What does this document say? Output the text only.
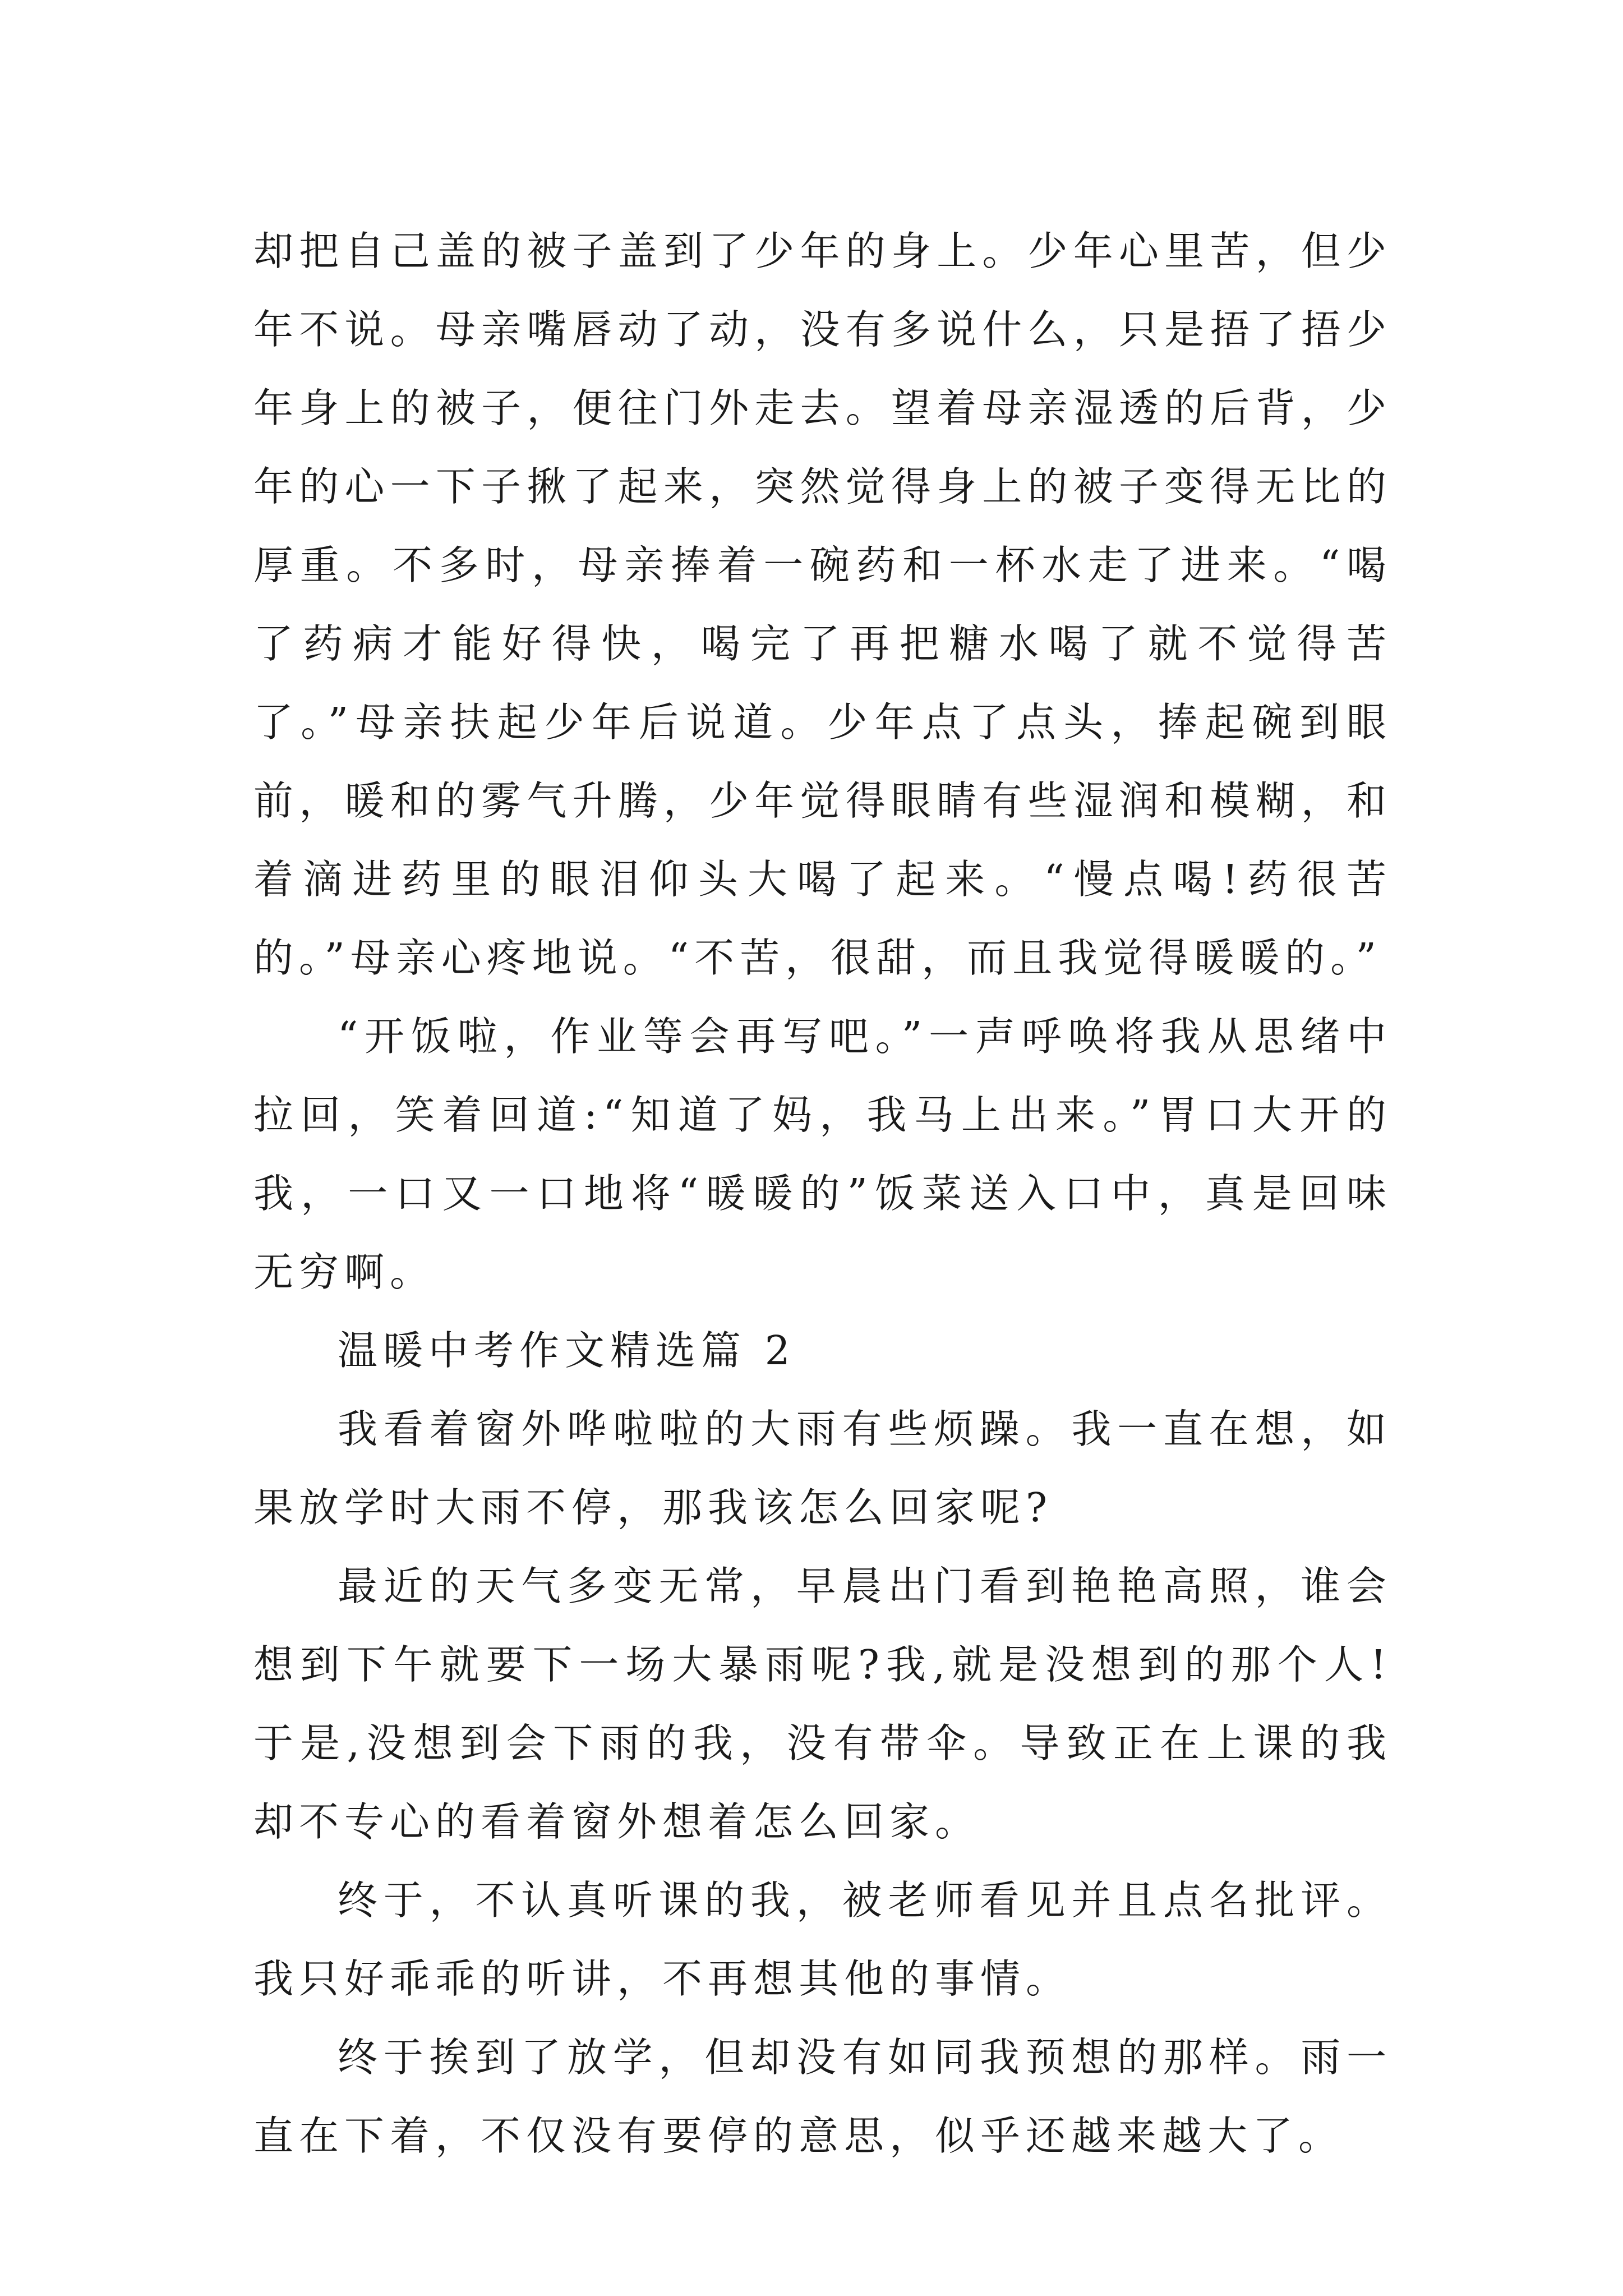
却把自己盖的被子盖到了少年的身上。少年心里苦，但少年不说。母亲嘴唇动了动，没有多说什么，只是捂了捂少年身上的被子，便往门外走去。望着母亲湿透的后背，少年的心一下子揪了起来，突然觉得身上的被子变得无比的厚重。不多时，母亲捧着一碗药和一杯水走了进来。“喝了药病才能好得快，喝完了再把糖水喝了就不觉得苦了。”母亲扶起少年后说道。少年点了点头，捧起碗到眼前，暖和的雾气升腾，少年觉得眼睛有些湿润和模糊，和着滴进药里的眼泪仰头大喝了起来。“慢点喝!药很苦的。”母亲心疼地说。“不苦，很甜，而且我觉得暖暖的。”

“开饭啦，作业等会再写吧。”一声呼唤将我从思绪中拉回，笑着回道:“知道了妈，我马上出来。”胃口大开的我，一口又一口地将“暖暖的”饭菜送入口中，真是回味无穷啊。

温暖中考作文精选篇 2

我看着窗外哗啦啦的大雨有些烦躁。我一直在想，如果放学时大雨不停，那我该怎么回家呢?

最近的天气多变无常，早晨出门看到艳艳高照，谁会想到下午就要下一场大暴雨呢?我,就是没想到的那个人!于是,没想到会下雨的我，没有带伞。导致正在上课的我却不专心的看着窗外想着怎么回家。

终于，不认真听课的我，被老师看见并且点名批评。我只好乖乖的听讲，不再想其他的事情。

终于挨到了放学，但却没有如同我预想的那样。雨一直在下着，不仅没有要停的意思，似乎还越来越大了。
